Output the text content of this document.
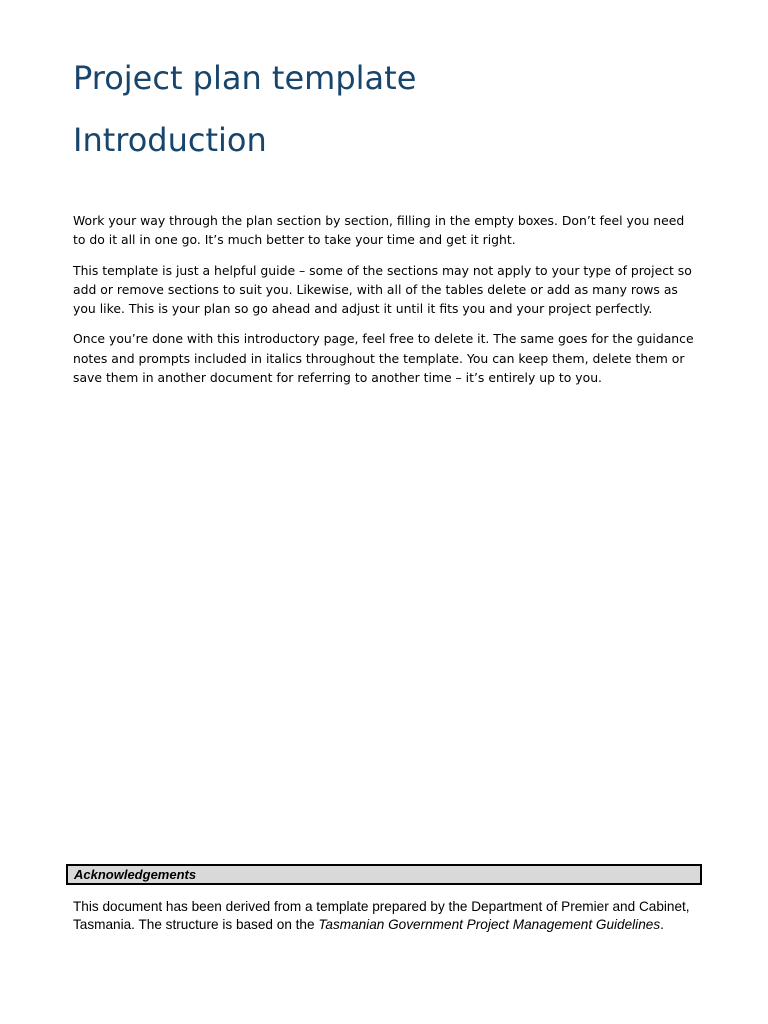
Project plan template
Introduction

Work your way through the plan section by section, filling in the empty boxes. Don’t feel you need to do it all in one go. It’s much better to take your time and get it right.

This template is just a helpful guide – some of the sections may not apply to your type of project so add or remove sections to suit you. Likewise, with all of the tables delete or add as many rows as you like. This is your plan so go ahead and adjust it until it fits you and your project perfectly.

Once you’re done with this introductory page, feel free to delete it. The same goes for the guidance notes and prompts included in italics throughout the template. You can keep them, delete them or save them in another document for referring to another time – it’s entirely up to you.

Acknowledgements

This document has been derived from a template prepared by the Department of Premier and Cabinet, Tasmania. The structure is based on the Tasmanian Government Project Management Guidelines.
